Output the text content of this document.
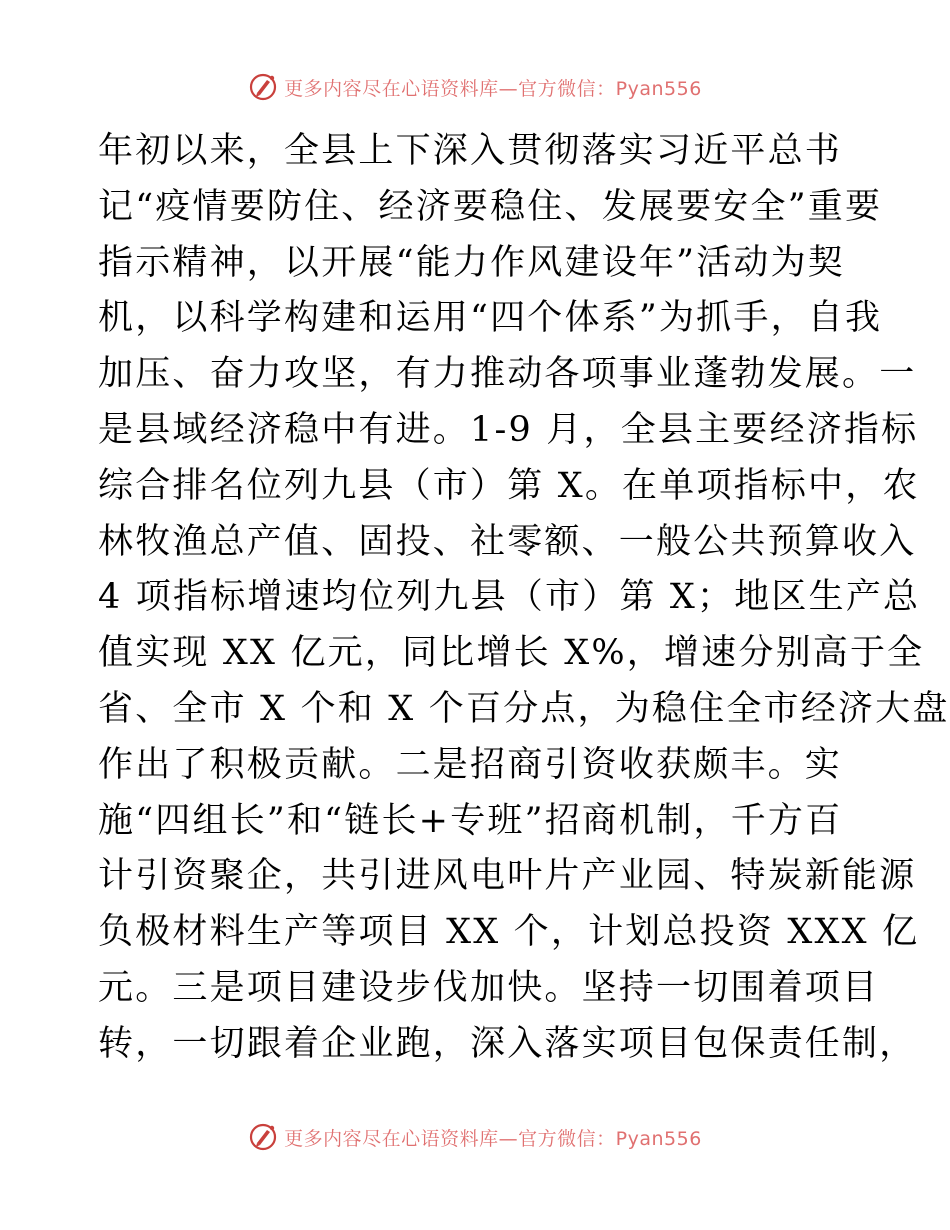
更多内容尽在心语资料库—官方微信：Pyan556
年初以来，全县上下深入贯彻落实习近平总书
记“疫情要防住、经济要稳住、发展要安全”重要
指示精神，以开展“能力作风建设年”活动为契
机，以科学构建和运用“四个体系”为抓手，自我
加压、奋力攻坚，有力推动各项事业蓬勃发展。一
是县域经济稳中有进。1-9 月，全县主要经济指标
综合排名位列九县（市）第 X。在单项指标中，农
林牧渔总产值、固投、社零额、一般公共预算收入
4 项指标增速均位列九县（市）第 X；地区生产总
值实现 XX 亿元，同比增长 X%，增速分别高于全
省、全市 X 个和 X 个百分点，为稳住全市经济大盘
作出了积极贡献。二是招商引资收获颇丰。实
施“四组长”和“链长+专班”招商机制，千方百
计引资聚企，共引进风电叶片产业园、特炭新能源
负极材料生产等项目 XX 个，计划总投资 XXX 亿
元。三是项目建设步伐加快。坚持一切围着项目
转，一切跟着企业跑，深入落实项目包保责任制，
更多内容尽在心语资料库—官方微信：Pyan556
